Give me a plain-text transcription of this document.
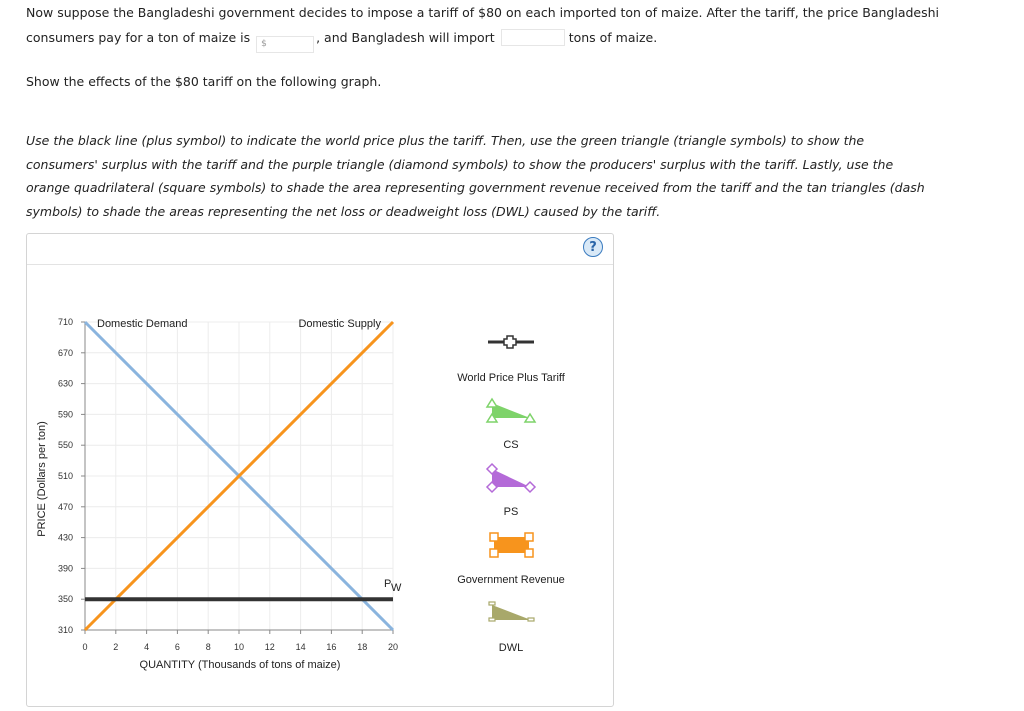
Now suppose the Bangladeshi government decides to impose a tariff of $80 on each imported ton of maize. After the tariff, the price Bangladeshi
consumers pay for a ton of maize is $	, and Bangladesh will import	tons of maize.
Show the effects of the $80 tariff on the following graph.
Use the black line (plus symbol) to indicate the world price plus the tariff. Then, use the green triangle (triangle symbols) to show the consumers' surplus with the tariff and the purple triangle (diamond symbols) to show the producers' surplus with the tariff. Lastly, use the orange quadrilateral (square symbols) to shade the area representing government revenue received from the tariff and the tan triangles (dash symbols) to shade the areas representing the net loss or deadweight loss (DWL) caused by the tariff.
?
310
350
390
430
470
510
550
590
630
670
710
0	2	4	6	8	10 12 14 16 18 20
QUANTITY (Thousands of tons of maize)
PRICE (Dollars per ton)
Domestic Demand	Domestic Supply
P W
World Price Plus Tariff
CS
PS
Government Revenue
DWL
